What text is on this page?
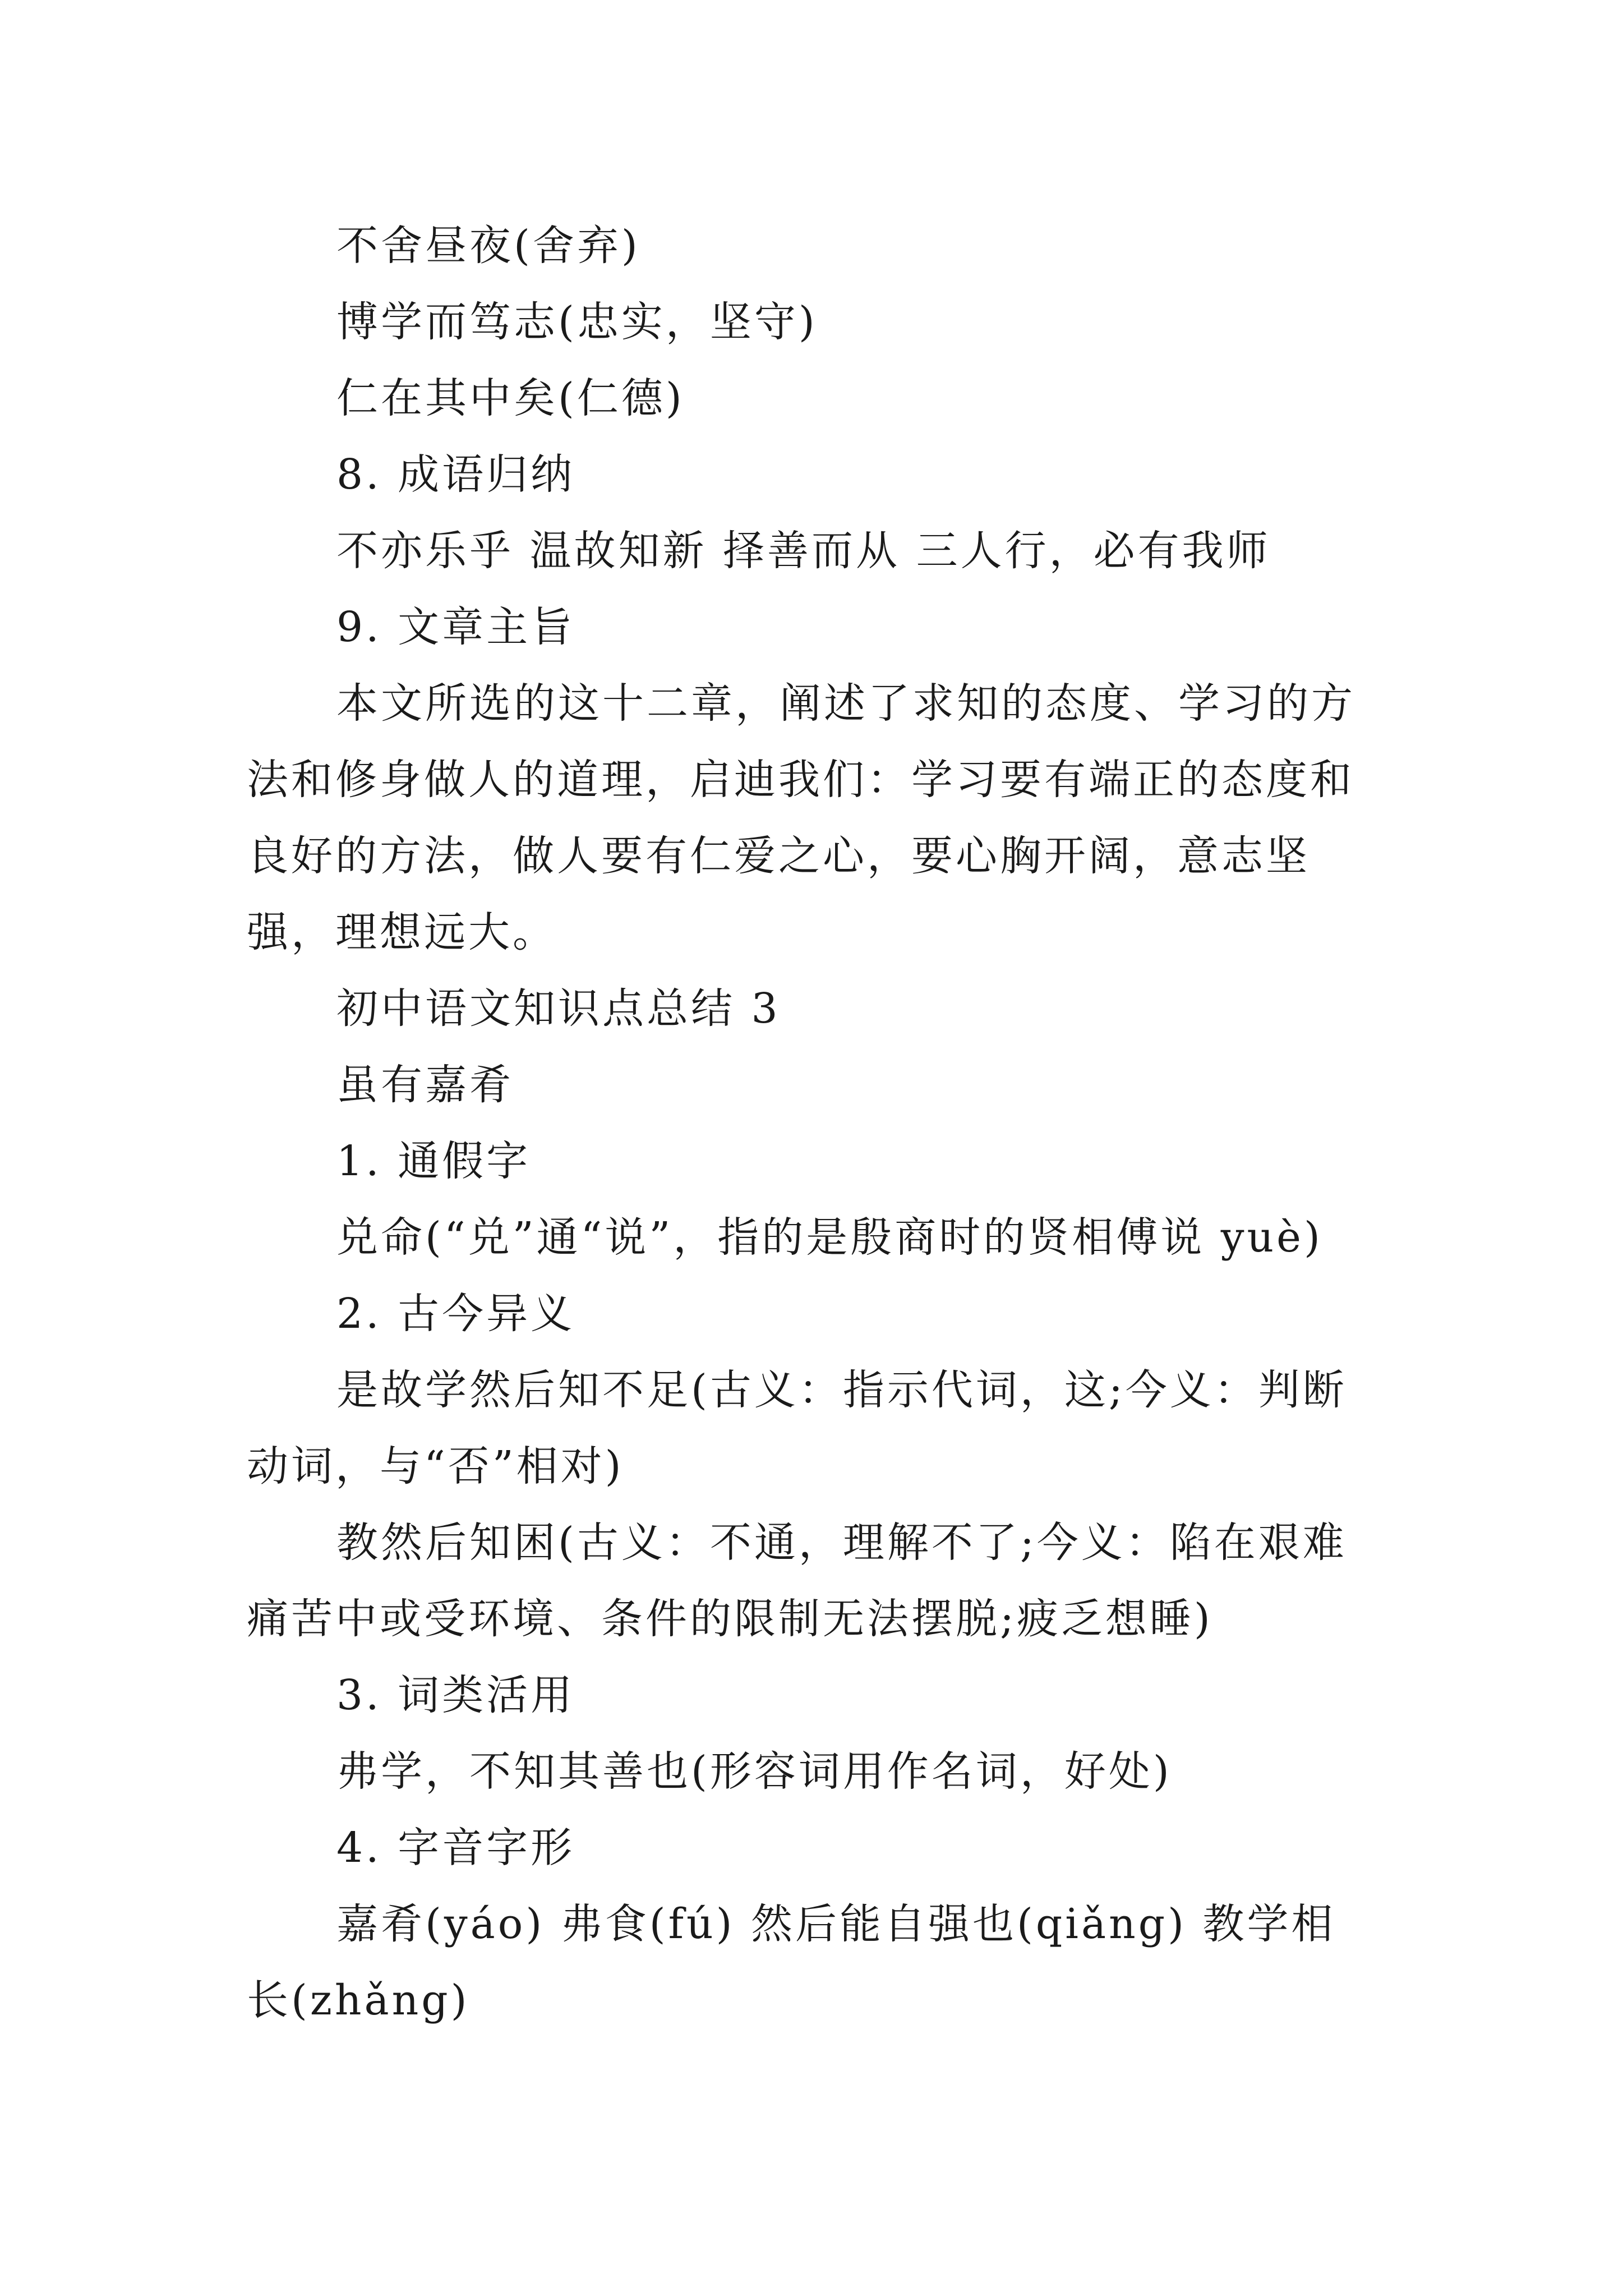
不舍昼夜(舍弃)

博学而笃志(忠实，坚守)

仁在其中矣(仁德)

8. 成语归纳

不亦乐乎 温故知新 择善而从 三人行，必有我师

9. 文章主旨

本文所选的这十二章，阐述了求知的态度、学习的方法和修身做人的道理，启迪我们：学习要有端正的态度和良好的方法，做人要有仁爱之心，要心胸开阔，意志坚强，理想远大。

初中语文知识点总结 3

虽有嘉肴

1. 通假字

兑命(“兑”通“说”，指的是殷商时的贤相傅说 yuè)

2. 古今异义

是故学然后知不足(古义：指示代词，这;今义：判断动词，与“否”相对)

教然后知困(古义：不通，理解不了;今义：陷在艰难痛苦中或受环境、条件的限制无法摆脱;疲乏想睡)

3. 词类活用

弗学，不知其善也(形容词用作名词，好处)

4. 字音字形

嘉肴(yáo) 弗食(fú) 然后能自强也(qiǎng) 教学相长(zhǎng)
